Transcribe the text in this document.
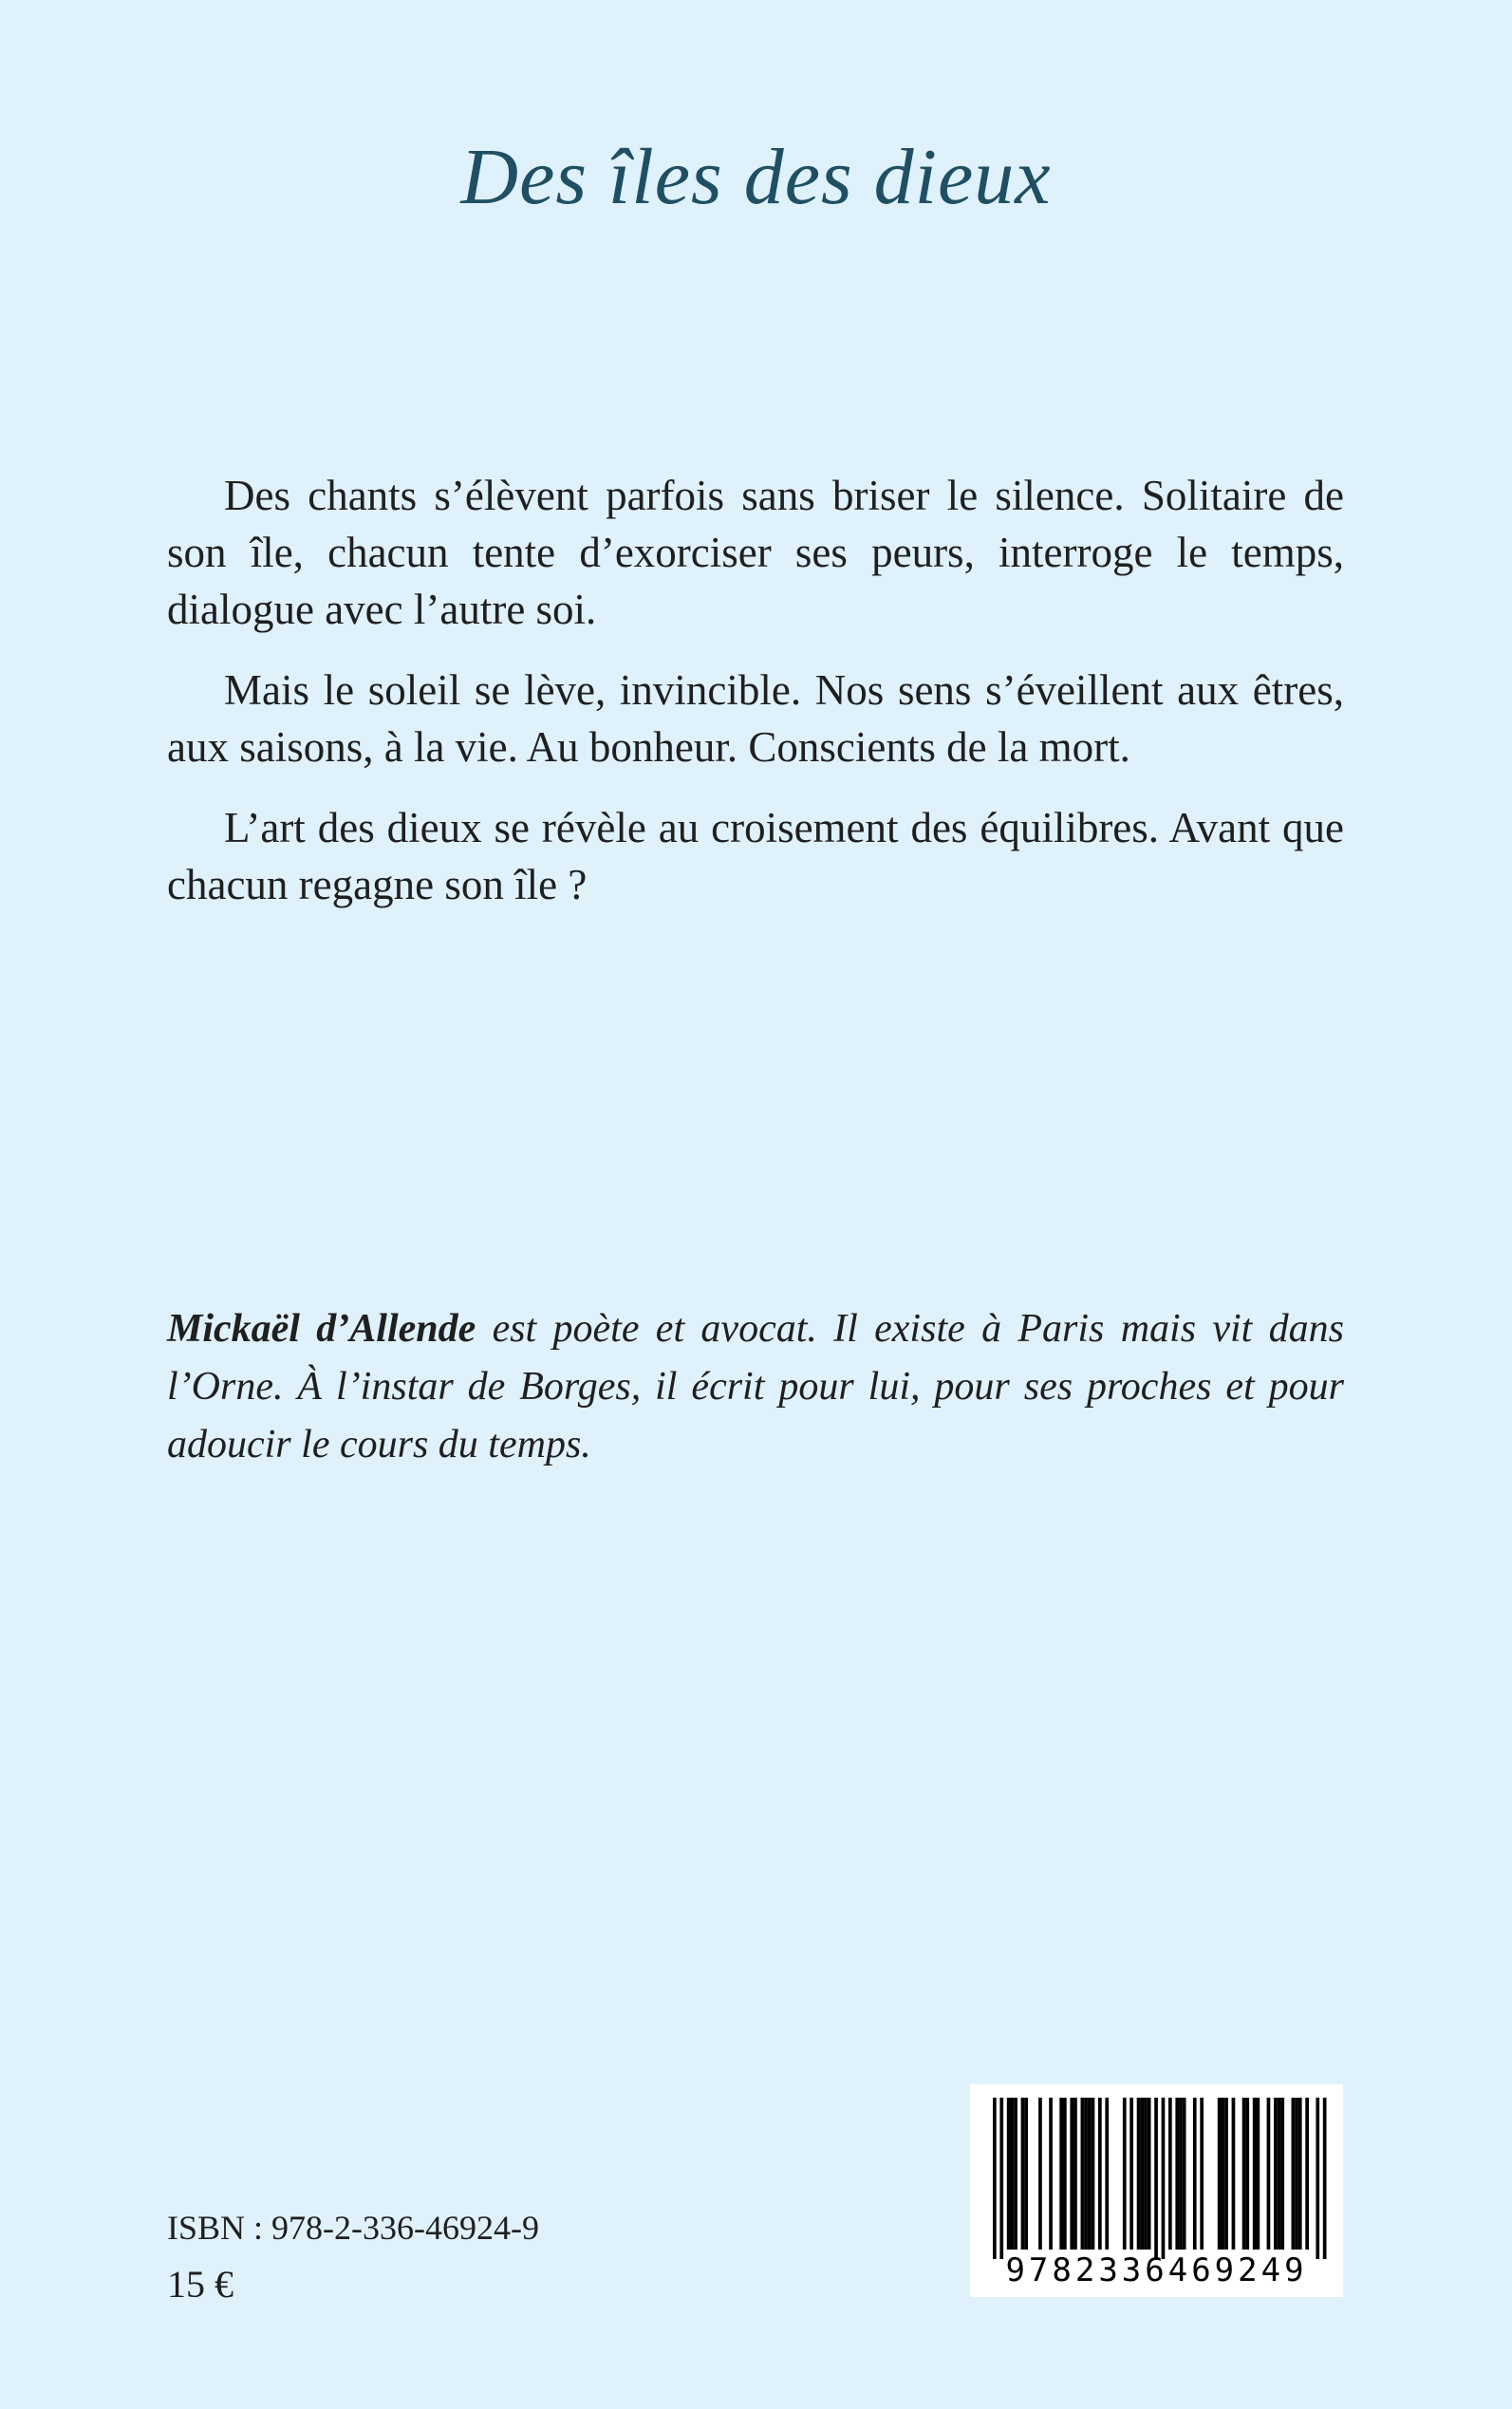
Des îles des dieux

Des chants s’élèvent parfois sans briser le silence. Solitaire de son île, chacun tente d’exorciser ses peurs, interroge le temps, dialogue avec l’autre soi.

Mais le soleil se lève, invincible. Nos sens s’éveillent aux êtres, aux saisons, à la vie. Au bonheur. Conscients de la mort.

L’art des dieux se révèle au croisement des équilibres. Avant que chacun regagne son île ?

Mickaël d’Allende est poète et avocat. Il existe à Paris mais vit dans l’Orne. À l’instar de Borges, il écrit pour lui, pour ses proches et pour adoucir le cours du temps.

ISBN : 978-2-336-46924-9
15 €	9782336469249
